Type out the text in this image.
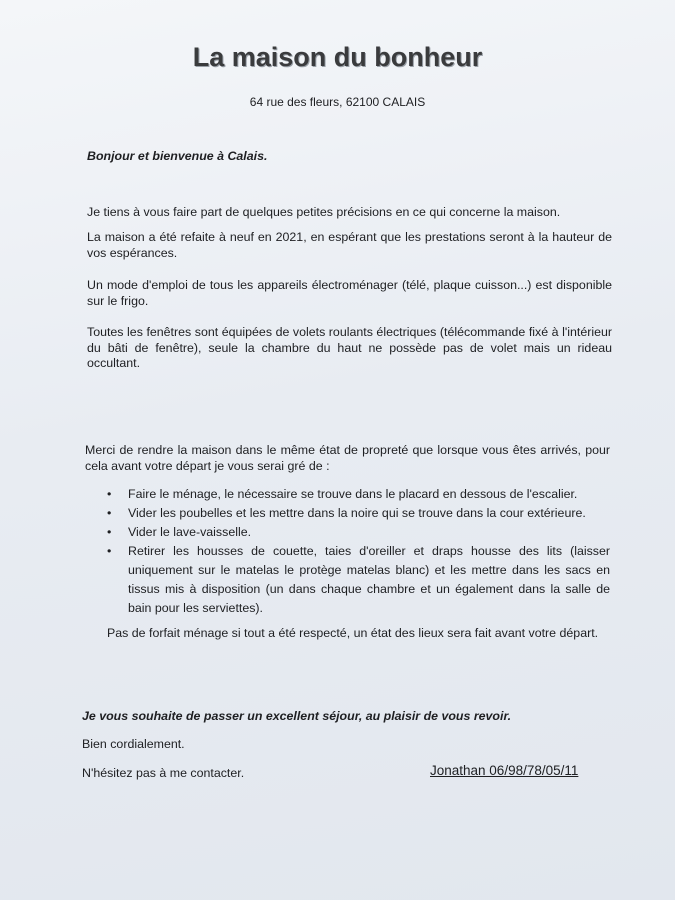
La maison du bonheur
64 rue des fleurs, 62100 CALAIS
Bonjour et bienvenue à Calais.
Je tiens à vous faire part de quelques petites précisions en ce qui concerne la maison.
La maison a été refaite à neuf en 2021, en espérant que les prestations seront à la hauteur de vos espérances.
Un mode d'emploi de tous les appareils électroménager (télé, plaque cuisson...) est disponible sur le frigo.
Toutes les fenêtres sont équipées de volets roulants électriques (télécommande fixé à l'intérieur du bâti de fenêtre), seule la chambre du haut ne possède pas de volet mais un rideau occultant.
Merci de rendre la maison dans le même état de propreté que lorsque vous êtes arrivés, pour cela avant votre départ je vous serai gré de :
• Faire le ménage, le nécessaire se trouve dans le placard en dessous de l'escalier.
• Vider les poubelles et les mettre dans la noire qui se trouve dans la cour extérieure.
• Vider le lave-vaisselle.
• Retirer les housses de couette, taies d'oreiller et draps housse des lits (laisser uniquement sur le matelas le protège matelas blanc) et les mettre dans les sacs en tissus mis à disposition (un dans chaque chambre et un également dans la salle de bain pour les serviettes).
Pas de forfait ménage si tout a été respecté, un état des lieux sera fait avant votre départ.
Je vous souhaite de passer un excellent séjour, au plaisir de vous revoir.
Bien cordialement.
N'hésitez pas à me contacter.	Jonathan 06/98/78/05/11
